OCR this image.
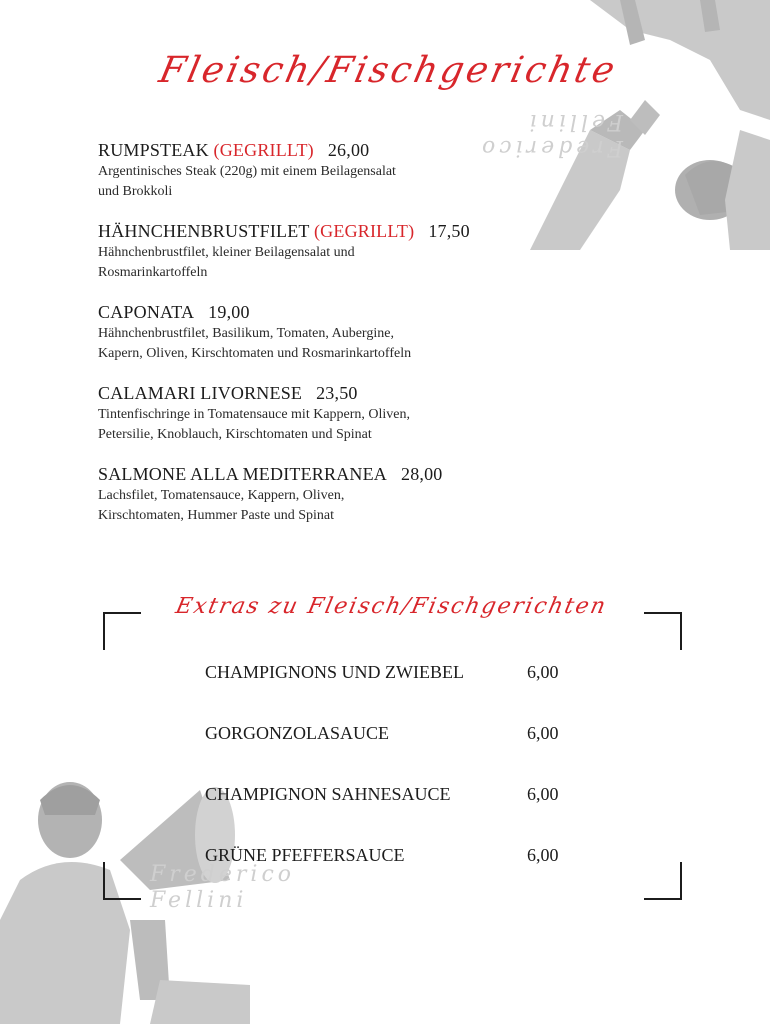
Frederico
Fellini
Frederico
Fellini
Fleisch/Fischgerichte
RUMPSTEAK (GEGRILLT) 26,00
Argentinisches Steak (220g) mit einem Beilagensalat
und Brokkoli
HÄHNCHENBRUSTFILET (GEGRILLT) 17,50
Hähnchenbrustfilet, kleiner Beilagensalat und
Rosmarinkartoffeln
CAPONATA 19,00
Hähnchenbrustfilet, Basilikum, Tomaten, Aubergine,
Kapern, Oliven, Kirschtomaten und Rosmarinkartoffeln
CALAMARI LIVORNESE 23,50
Tintenfischringe in Tomatensauce mit Kappern, Oliven,
Petersilie, Knoblauch, Kirschtomaten und Spinat
SALMONE ALLA MEDITERRANEA 28,00
Lachsfilet, Tomatensauce, Kappern, Oliven,
Kirschtomaten, Hummer Paste und Spinat
Extras zu Fleisch/Fischgerichten
CHAMPIGNONS UND ZWIEBEL	6,00
GORGONZOLASAUCE	6,00
CHAMPIGNON SAHNESAUCE	6,00
GRÜNE PFEFFERSAUCE	6,00
